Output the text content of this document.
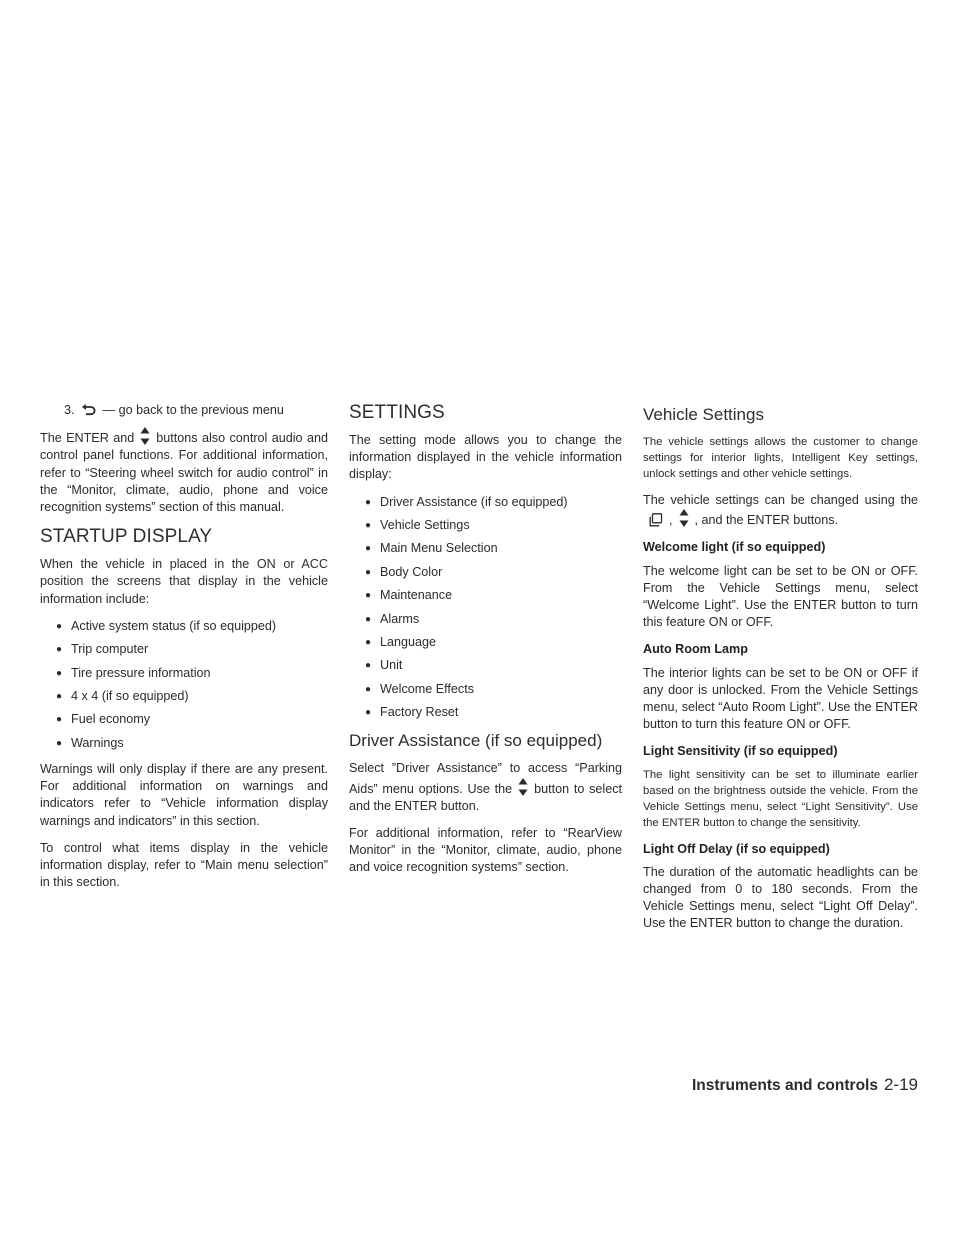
3. — go back to the previous menu

The ENTER and buttons also control audio and control panel functions. For additional information, refer to “Steering wheel switch for audio control” in the “Monitor, climate, audio, phone and voice recognition systems” section of this manual.

STARTUP DISPLAY

When the vehicle in placed in the ON or ACC position the screens that display in the vehicle information include:

● Active system status (if so equipped)
● Trip computer
● Tire pressure information
● 4 x 4 (if so equipped)
● Fuel economy
● Warnings

Warnings will only display if there are any present. For additional information on warnings and indicators refer to “Vehicle information display warnings and indicators” in this section.

To control what items display in the vehicle information display, refer to “Main menu selection” in this section.

SETTINGS

The setting mode allows you to change the information displayed in the vehicle information display:

● Driver Assistance (if so equipped)
● Vehicle Settings
● Main Menu Selection
● Body Color
● Maintenance
● Alarms
● Language
● Unit
● Welcome Effects
● Factory Reset
Driver Assistance (if so equipped)

Select ”Driver Assistance” to access “Parking Aids” menu options. Use the button to select and the ENTER button.

For additional information, refer to “RearView Monitor” in the “Monitor, climate, audio, phone and voice recognition systems” section.

Vehicle Settings

The vehicle settings allows the customer to change settings for interior lights, Intelligent Key settings, unlock settings and other vehicle settings.

The vehicle settings can be changed using the, , and the ENTER buttons.

Welcome light (if so equipped)

The welcome light can be set to be ON or OFF. From the Vehicle Settings menu, select “Welcome Light”. Use the ENTER button to turn this feature ON or OFF.

Auto Room Lamp

The interior lights can be set to be ON or OFF if any door is unlocked. From the Vehicle Settings menu, select “Auto Room Light”. Use the ENTER button to turn this feature ON or OFF.

Light Sensitivity (if so equipped)

The light sensitivity can be set to illuminate earlier based on the brightness outside the vehicle. From the Vehicle Settings menu, select “Light Sensitivity”. Use the ENTER button to change the sensitivity.

Light Off Delay (if so equipped)

The duration of the automatic headlights can be changed from 0 to 180 seconds. From the Vehicle Settings menu, select “Light Off Delay”. Use the ENTER button to change the duration.

Instruments and controls 2-19
